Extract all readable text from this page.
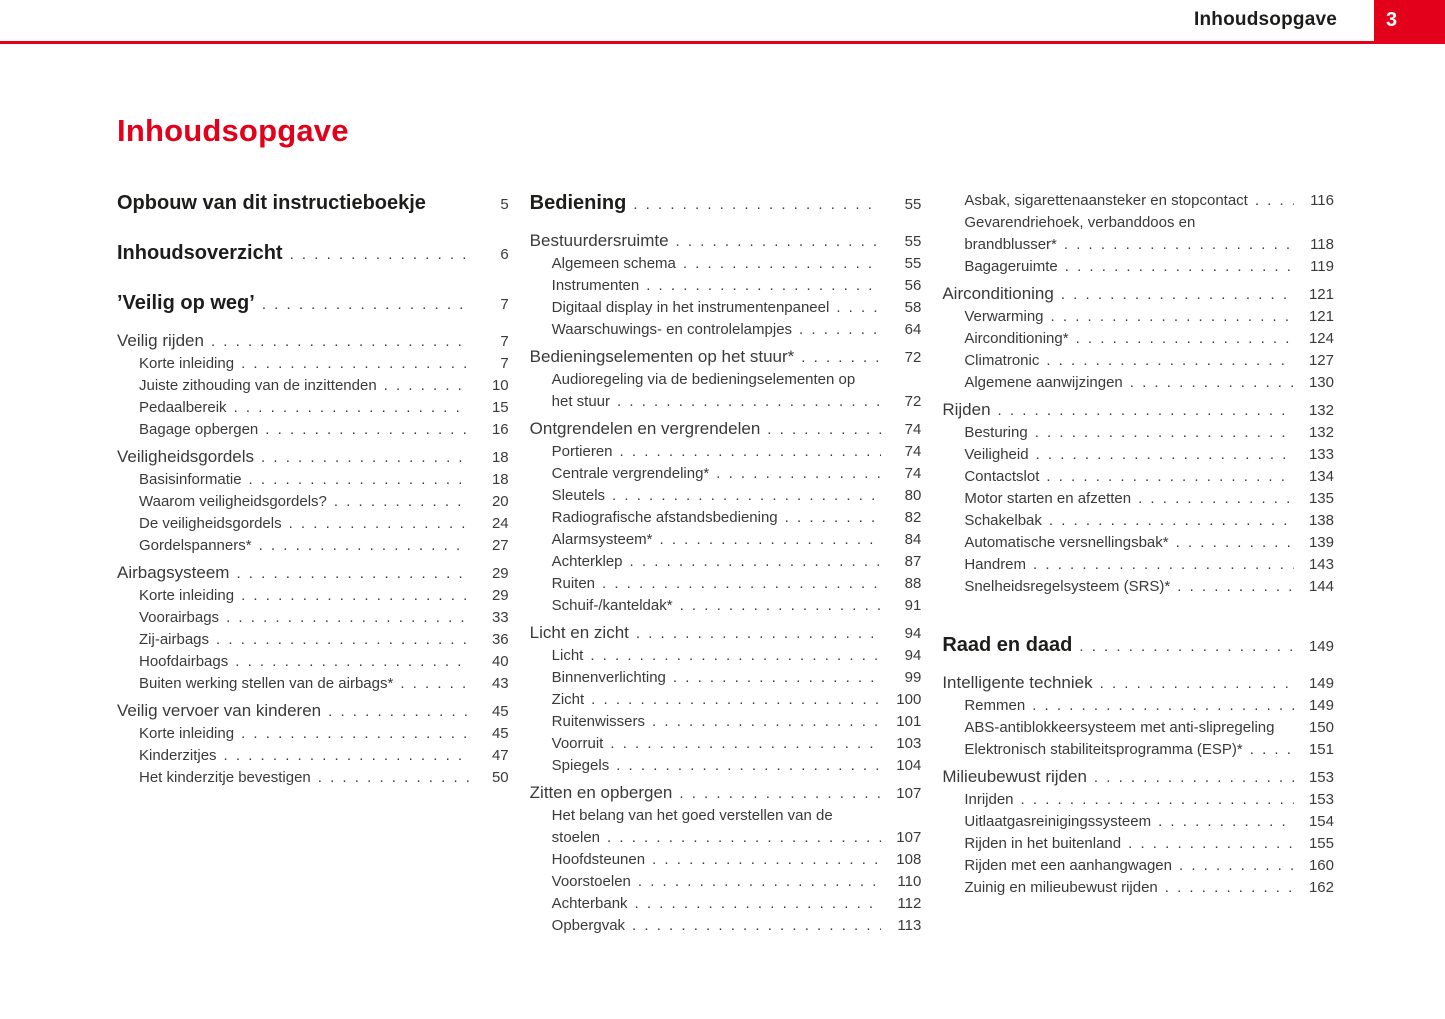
Inhoudsopgave 3
Inhoudsopgave
Opbouw van dit instructieboekje	5
Inhoudsoverzicht . . .	6
’Veilig op weg’ . . .	7
Veilig rijden . . .	7
Korte inleiding . . .	7
Juiste zithouding van de inzittenden . . .	10
Pedaalbereik . . .	15
Bagage opbergen . . .	16
Veiligheidsgordels . . .	18
Basisinformatie . . .	18
Waarom veiligheidsgordels? . . .	20
De veiligheidsgordels . . .	24
Gordelspanners* . . .	27
Airbagsysteem . . .	29
Korte inleiding . . .	29
Voorairbags . . .	33
Zij-airbags . . .	36
Hoofdairbags . . .	40
Buiten werking stellen van de airbags* . . .	43
Veilig vervoer van kinderen . . .	45
Korte inleiding . . .	45
Kinderzitjes . . .	47
Het kinderzitje bevestigen . . .	50
Bediening . . .	55
Bestuurdersruimte . . .	55
Algemeen schema . . .	55
Instrumenten . . .	56
Digitaal display in het instrumentenpaneel . . .	58
Waarschuwings- en controlelampjes . . .	64
Bedieningselementen op het stuur* . . .	72
Audioregeling via de bedieningselementen op
het stuur . . .	72
Ontgrendelen en vergrendelen . . .	74
Portieren . . .	74
Centrale vergrendeling* . . .	74
Sleutels . . .	80
Radiografische afstandsbediening . . .	82
Alarmsysteem* . . .	84
Achterklep . . .	87
Ruiten . . .	88
Schuif-/kanteldak* . . .	91
Licht en zicht . . .	94
Licht . . .	94
Binnenverlichting . . .	99
Zicht . . .	100
Ruitenwissers . . .	101
Voorruit . . .	103
Spiegels . . .	104
Zitten en opbergen . . .	107
Het belang van het goed verstellen van de
stoelen . . .	107
Hoofdsteunen . . .	108
Voorstoelen . . .	110
Achterbank . . .	112
Opbergvak . . .	113
Asbak, sigarettenaansteker en stopcontact . . .	116
Gevarendriehoek, verbanddoos en
brandblusser* . . .	118
Bagageruimte . . .	119
Airconditioning . . .	121
Verwarming . . .	121
Airconditioning* . . .	124
Climatronic . . .	127
Algemene aanwijzingen . . .	130
Rijden . . .	132
Besturing . . .	132
Veiligheid . . .	133
Contactslot . . .	134
Motor starten en afzetten . . .	135
Schakelbak . . .	138
Automatische versnellingsbak* . . .	139
Handrem . . .	143
Snelheidsregelsysteem (SRS)* . . .	144
Raad en daad . . .	149
Intelligente techniek . . .	149
Remmen . . .	149
ABS-antiblokkeersysteem met anti-slipregeling	150
Elektronisch stabiliteitsprogramma (ESP)* . . .	151
Milieubewust rijden . . .	153
Inrijden . . .	153
Uitlaatgasreinigingssysteem . . .	154
Rijden in het buitenland . . .	155
Rijden met een aanhangwagen . . .	160
Zuinig en milieubewust rijden . . .	162
